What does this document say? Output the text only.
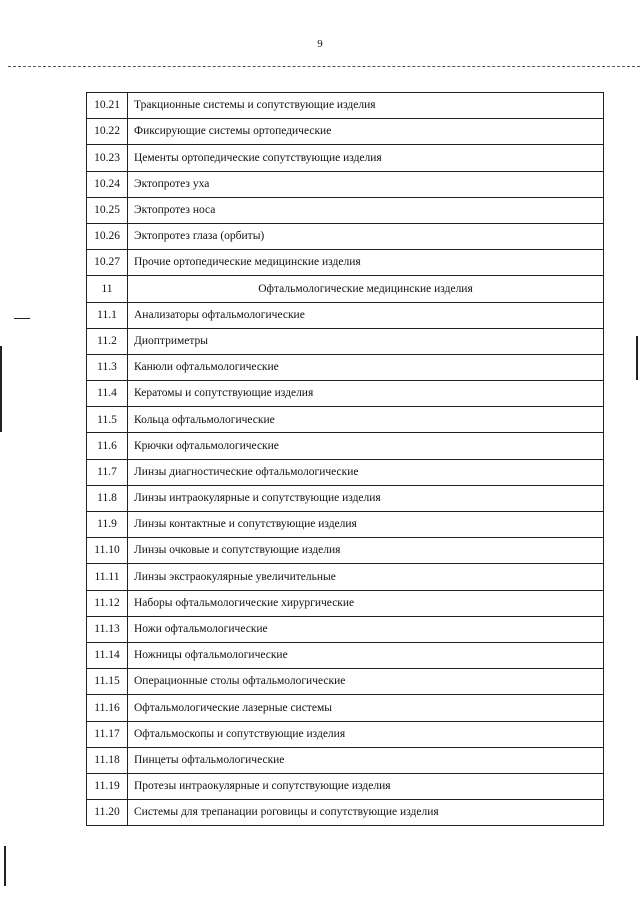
9
10.21	Тракционные системы и сопутствующие изделия
10.22	Фиксирующие системы ортопедические
10.23	Цементы ортопедические сопутствующие изделия
10.24	Эктопротез уха
10.25	Эктопротез носа
10.26	Эктопротез глаза (орбиты)
10.27	Прочие ортопедические медицинские изделия
11	Офтальмологические медицинские изделия
11.1	Анализаторы офтальмологические
11.2	Диоптриметры
11.3	Канюли офтальмологические
11.4	Кератомы и сопутствующие изделия
11.5	Кольца офтальмологические
11.6	Крючки офтальмологические
11.7	Линзы диагностические офтальмологические
11.8	Линзы интраокулярные и сопутствующие изделия
11.9	Линзы контактные и сопутствующие изделия
11.10	Линзы очковые и сопутствующие изделия
11.11	Линзы экстраокулярные увеличительные
11.12	Наборы офтальмологические хирургические
11.13	Ножи офтальмологические
11.14	Ножницы офтальмологические
11.15	Операционные столы офтальмологические
11.16	Офтальмологические лазерные системы
11.17	Офтальмоскопы и сопутствующие изделия
11.18	Пинцеты офтальмологические
11.19	Протезы интраокулярные и сопутствующие изделия
11.20	Системы для трепанации роговицы и сопутствующие изделия
